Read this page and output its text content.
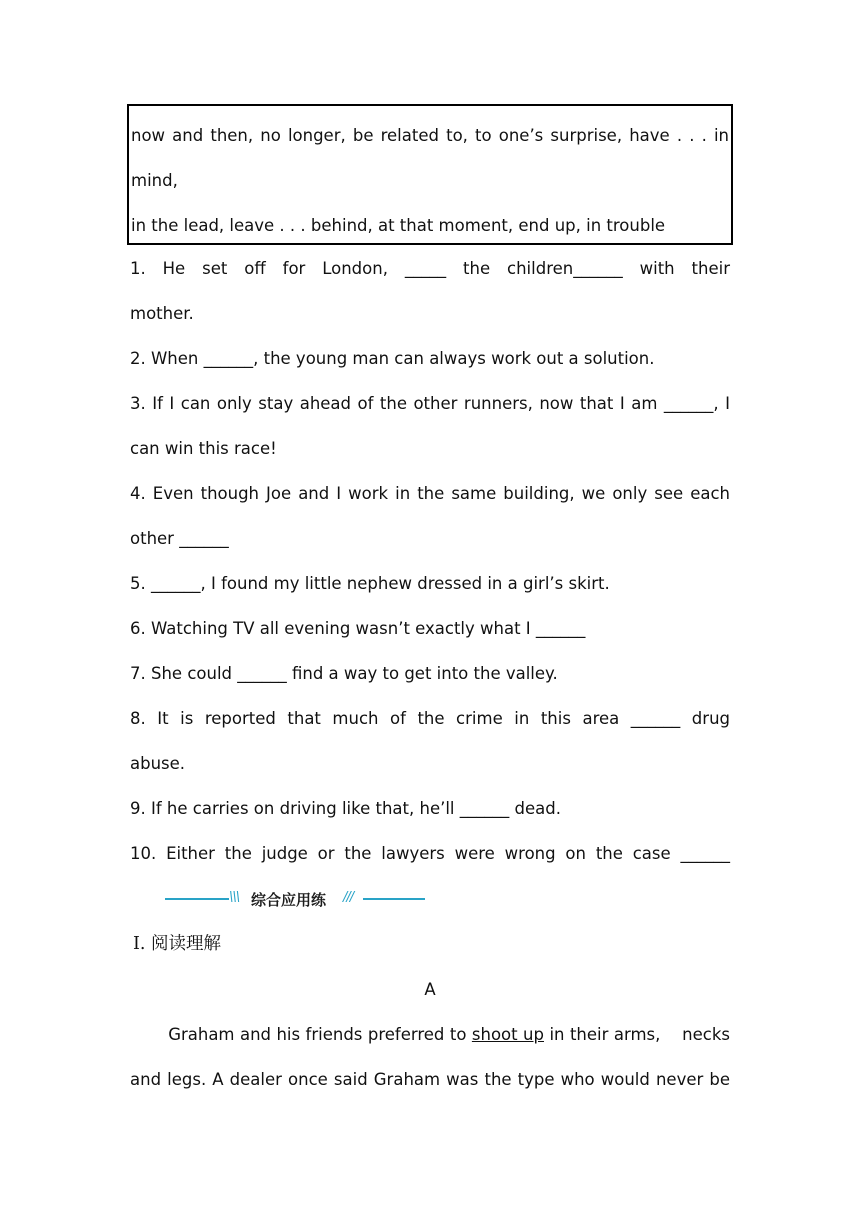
now and then, no longer, be related to, to one’s surprise, have . . . in
mind,
in the lead, leave . . . behind, at that moment, end up, in trouble
1. He set off for London, _____ the children______ with their
mother.
2. When ______, the young man can always work out a solution.
3. If I can only stay ahead of the other runners, now that I am ______, I
can win this race!
4. Even though Joe and I work in the same building, we only see each
other ______
5. ______, I found my little nephew dressed in a girl’s skirt.
6. Watching TV all evening wasn’t exactly what I ______
7. She could ______ find a way to get into the valley.
8. It is reported that much of the crime in this area ______ drug
abuse.
9. If he carries on driving like that, he’ll ______ dead.
10. Either the judge or the lawyers were wrong on the case ______
\\\ 综合应用练 ///
Ⅰ. 阅读理解
A
Graham and his friends preferred to shoot up in their arms,    necks
and legs. A dealer once said Graham was the type who would never be
